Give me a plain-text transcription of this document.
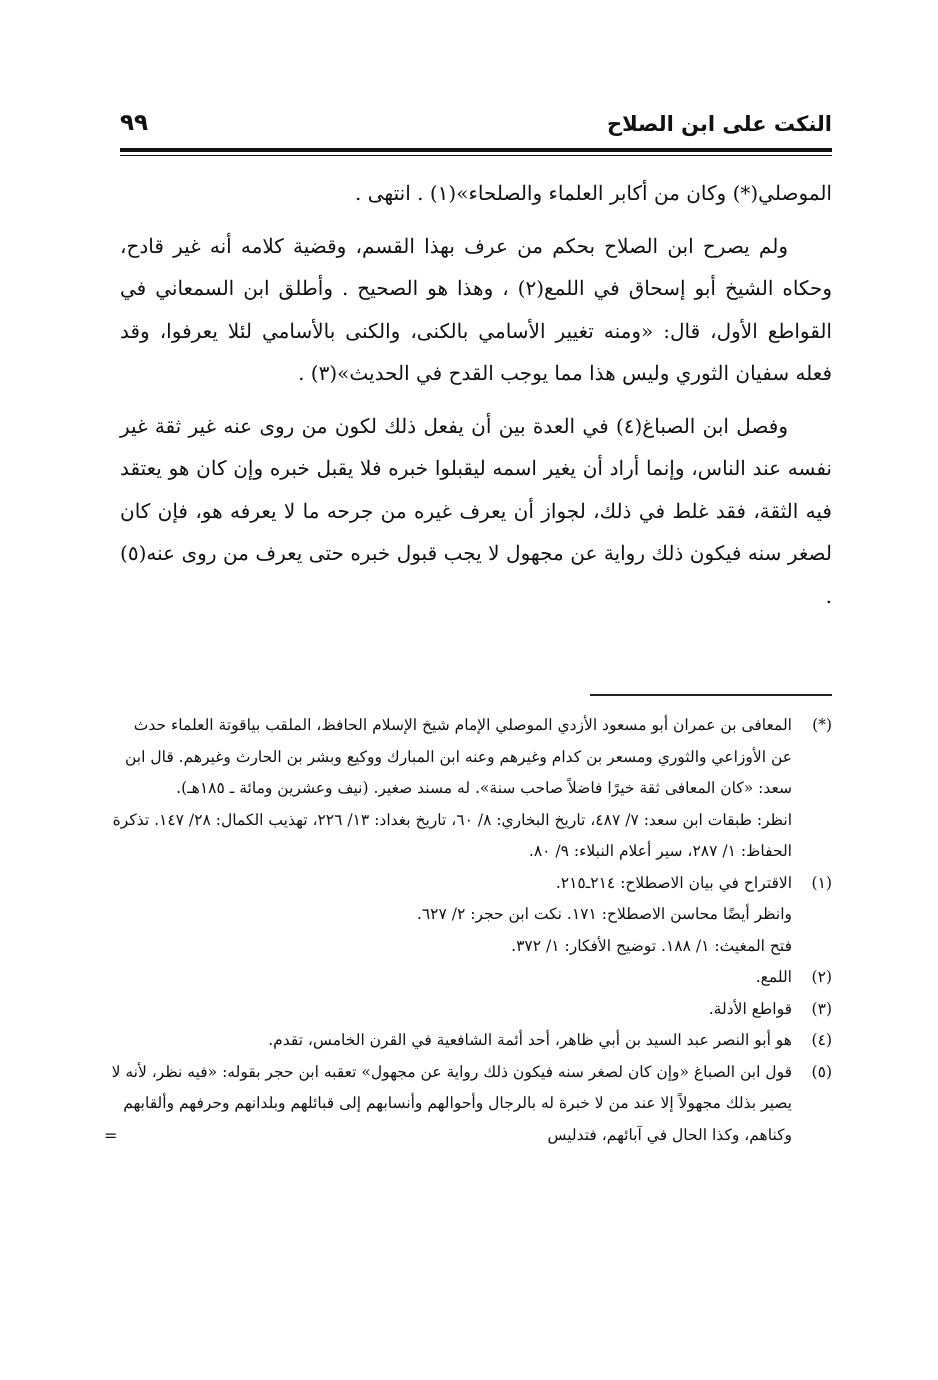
النكت على ابن الصلاح
٩٩

الموصلي(*) وكان من أكابر العلماء والصلحاء»(١) . انتهى .

ولم يصرح ابن الصلاح بحكم من عرف بهذا القسم، وقضية كلامه أنه غير قادح، وحكاه الشيخ أبو إسحاق في اللمع(٢) ، وهذا هو الصحيح . وأطلق ابن السمعاني في القواطع الأول، قال: «ومنه تغيير الأسامي بالكنى، والكنى بالأسامي لئلا يعرفوا، وقد فعله سفيان الثوري وليس هذا مما يوجب القدح في الحديث»(٣) .

وفصل ابن الصباغ(٤) في العدة بين أن يفعل ذلك لكون من روى عنه غير ثقة غير نفسه عند الناس، وإنما أراد أن يغير اسمه ليقبلوا خبره فلا يقبل خبره وإن كان هو يعتقد فيه الثقة، فقد غلط في ذلك، لجواز أن يعرف غيره من جرحه ما لا يعرفه هو، فإن كان لصغر سنه فيكون ذلك رواية عن مجهول لا يجب قبول خبره حتى يعرف من روى عنه(٥) .

(*)
المعافى بن عمران أبو مسعود الأزدي الموصلي الإمام شيخ الإسلام الحافظ، الملقب بياقوتة العلماء حدث عن الأوزاعي والثوري ومسعر بن كدام وغيرهم وعنه ابن المبارك ووكيع وبشر بن الحارث وغيرهم. قال ابن سعد: «كان المعافى ثقة خيرًا فاضلاً صاحب سنة». له مسند صغير. (نيف وعشرين ومائة ـ ١٨٥هـ).
انظر: طبقات ابن سعد: ٧/ ٤٨٧، تاريخ البخاري: ٨/ ٦٠، تاريخ بغداد: ١٣/ ٢٢٦، تهذيب الكمال: ٢٨/ ١٤٧. تذكرة الحفاظ: ١/ ٢٨٧، سير أعلام النبلاء: ٩/ ٨٠.
(١)
الاقتراح في بيان الاصطلاح: ٢١٤ـ٢١٥.
وانظر أيضًا محاسن الاصطلاح: ١٧١. نكت ابن حجر: ٢/ ٦٢٧.
فتح المغيث: ١/ ١٨٨. توضيح الأفكار: ١/ ٣٧٢.
(٢)
اللمع.
(٣)
قواطع الأدلة.
(٤)
هو أبو النصر عبد السيد بن أبي ظاهر، أحد أئمة الشافعية في القرن الخامس، تقدم.
(٥)
قول ابن الصباغ «وإن كان لصغر سنه فيكون ذلك رواية عن مجهول» تعقبه ابن حجر بقوله: «فيه نظر، لأنه لا يصير بذلك مجهولاً إلا عند من لا خبرة له بالرجال وأحوالهم وأنسابهم إلى قبائلهم وبلدانهم وحرفهم وألقابهم وكناهم، وكذا الحال في آبائهم، فتدليس
=
